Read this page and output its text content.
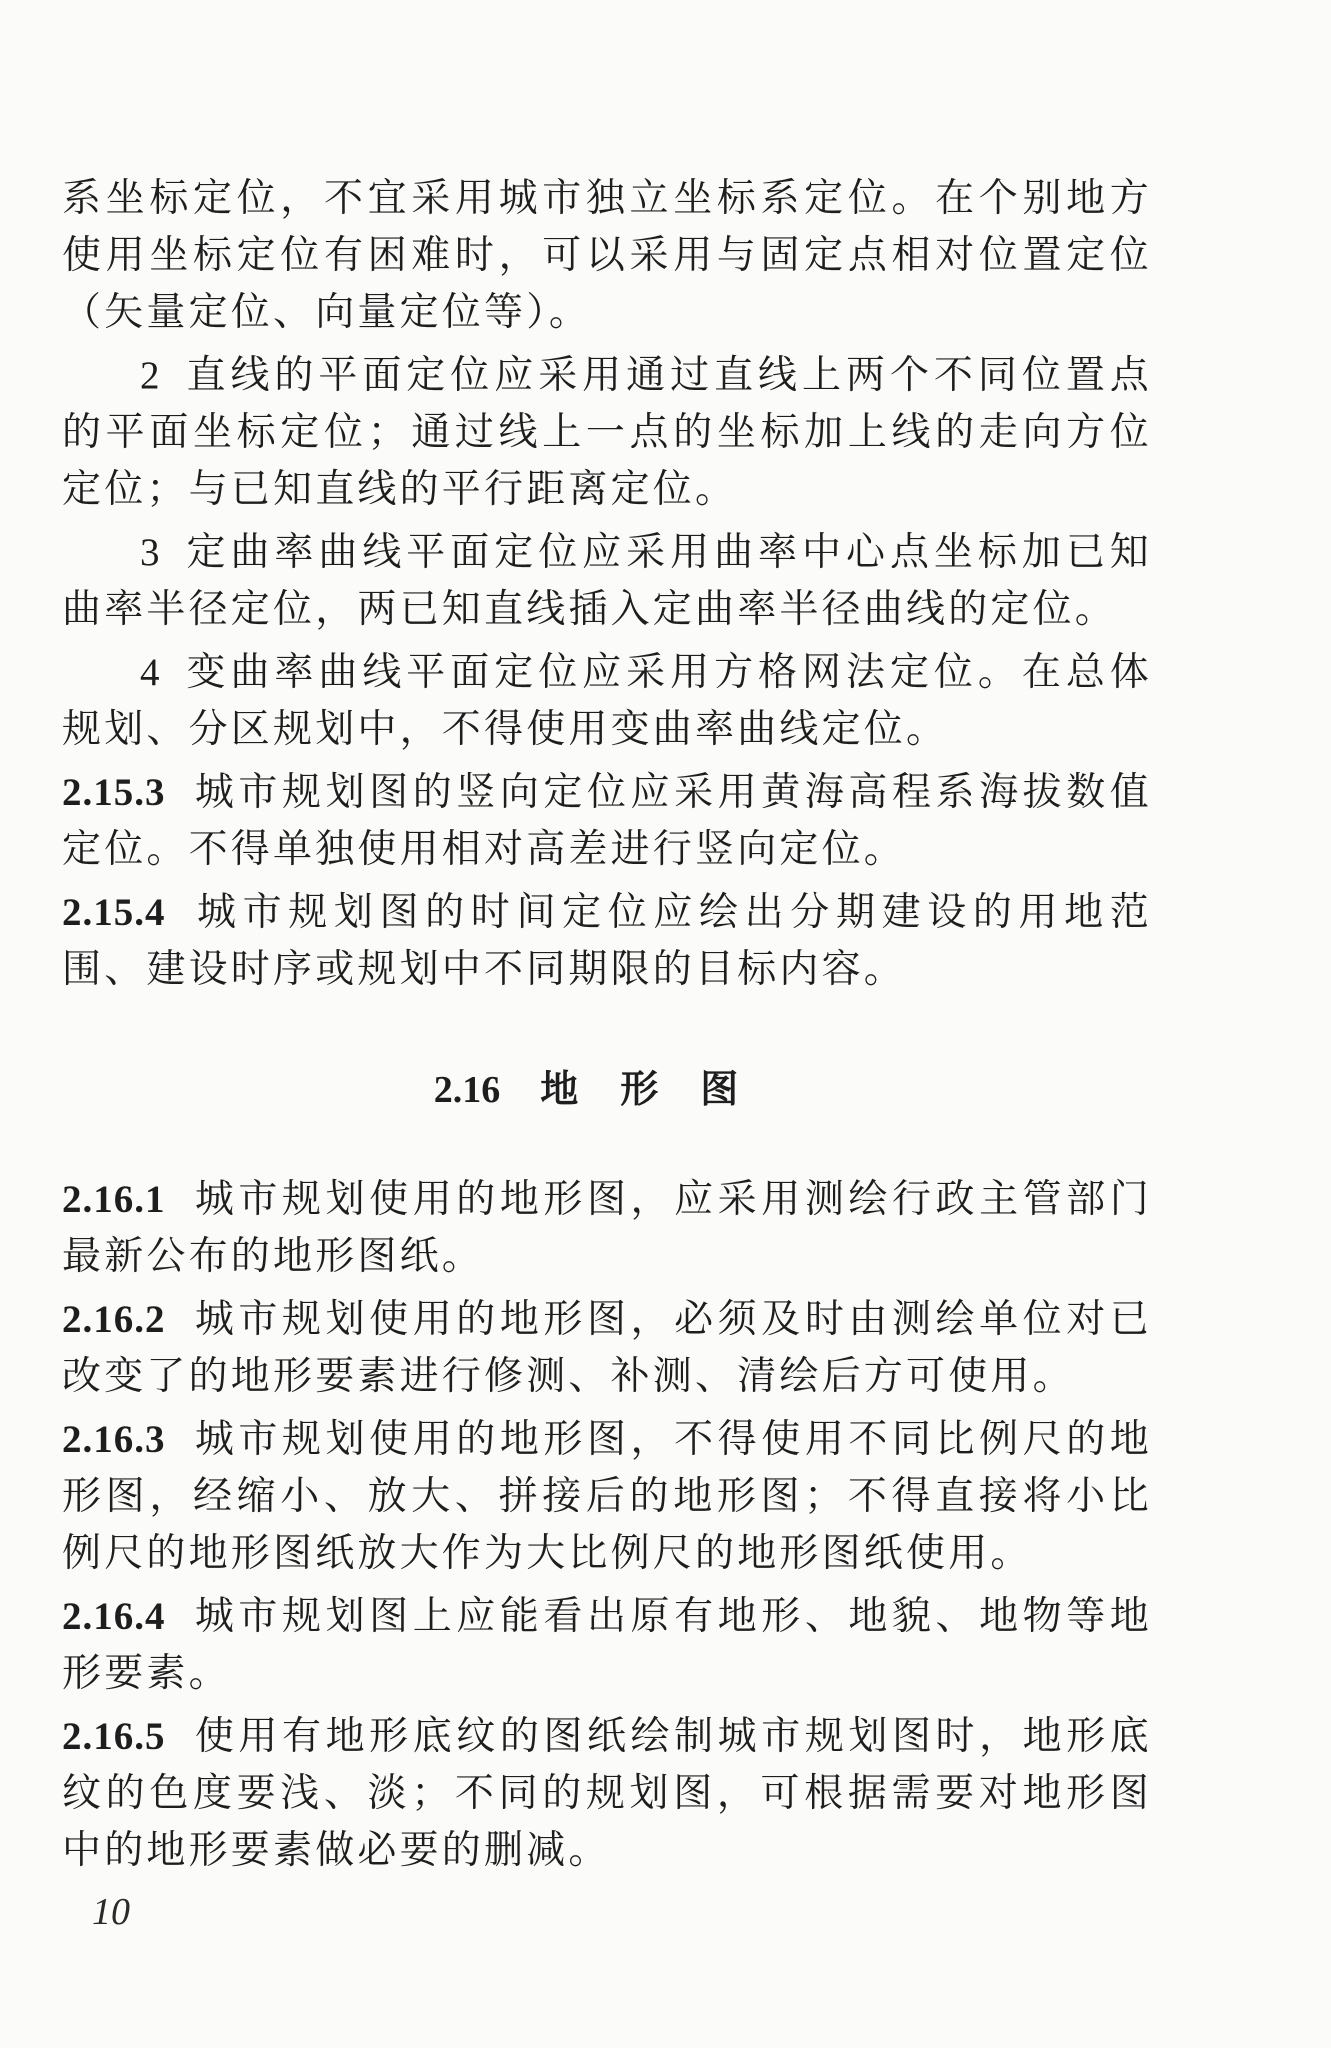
系坐标定位，不宜采用城市独立坐标系定位。在个别地方使用坐标定位有困难时，可以采用与固定点相对位置定位（矢量定位、向量定位等）。

2 直线的平面定位应采用通过直线上两个不同位置点的平面坐标定位；通过线上一点的坐标加上线的走向方位定位；与已知直线的平行距离定位。

3 定曲率曲线平面定位应采用曲率中心点坐标加已知曲率半径定位，两已知直线插入定曲率半径曲线的定位。

4 变曲率曲线平面定位应采用方格网法定位。在总体规划、分区规划中，不得使用变曲率曲线定位。

2.15.3 城市规划图的竖向定位应采用黄海高程系海拔数值定位。不得单独使用相对高差进行竖向定位。

2.15.4 城市规划图的时间定位应绘出分期建设的用地范围、建设时序或规划中不同期限的目标内容。

2.16 地形图

2.16.1 城市规划使用的地形图，应采用测绘行政主管部门最新公布的地形图纸。

2.16.2 城市规划使用的地形图，必须及时由测绘单位对已改变了的地形要素进行修测、补测、清绘后方可使用。

2.16.3 城市规划使用的地形图，不得使用不同比例尺的地形图，经缩小、放大、拼接后的地形图；不得直接将小比例尺的地形图纸放大作为大比例尺的地形图纸使用。

2.16.4 城市规划图上应能看出原有地形、地貌、地物等地形要素。

2.16.5 使用有地形底纹的图纸绘制城市规划图时，地形底纹的色度要浅、淡；不同的规划图，可根据需要对地形图中的地形要素做必要的删减。

10
